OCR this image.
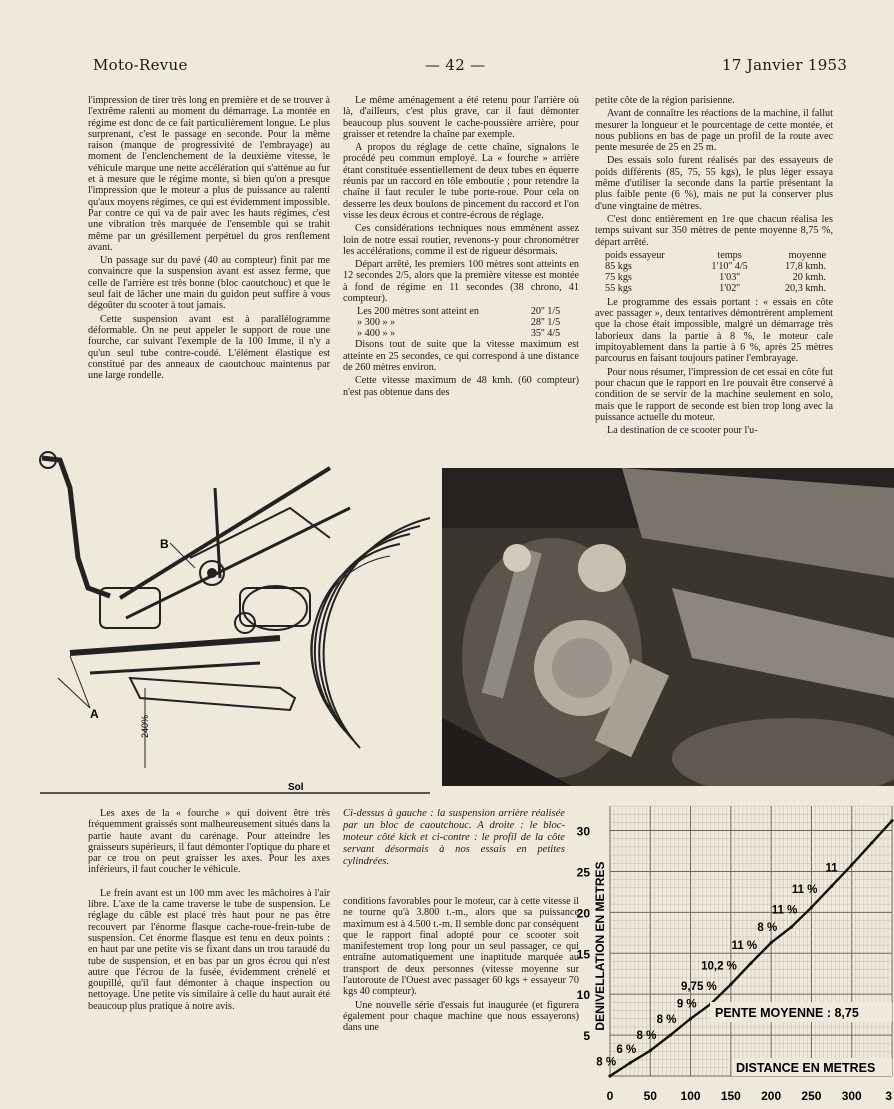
Moto-Revue	— 42 —	17 Janvier 1953

l'impression de tirer très long en première et de se trouver à l'extrême ralenti au moment du démarrage. La montée en régime est donc de ce fait particulièrement longue. Le plus surprenant, c'est le passage en seconde. Pour la même raison (manque de progressivité de l'embrayage) au moment de l'enclenchement de la deuxième vitesse, le véhicule marque une nette accélération qui s'atténue au fur et à mesure que le régime monte, si bien qu'on a presque l'impression que le moteur a plus de puissance au ralenti qu'aux moyens régimes, ce qui est évidemment impossible. Par contre ce qui va de pair avec les hauts régimes, c'est une vibration très marquée de l'ensemble qui se trahit même par un grésillement perpétuel du gros renflement avant.

Un passage sur du pavé (40 au compteur) finit par me convaincre que la suspension avant est assez ferme, que celle de l'arrière est très bonne (bloc caoutchouc) et que le seul fait de lâcher une main du guidon peut suffire à vous dégoûter du scooter à tout jamais.

Cette suspension avant est à parallélogramme déformable. On ne peut appeler le support de roue une fourche, car suivant l'exemple de la 100 Imme, il n'y a qu'un seul tube contre-coudé. L'élément élastique est constitué par des anneaux de caoutchouc maintenus par une large rondelle.

Le même aménagement a été retenu pour l'arrière où là, d'ailleurs, c'est plus grave, car il faut démonter beaucoup plus souvent le cache-poussière arrière, pour graisser et retendre la chaîne par exemple.

A propos du réglage de cette chaîne, signalons le procédé peu commun employé. La « fourche » arrière étant constituée essentiellement de deux tubes en équerre réunis par un raccord en tôle emboutie ; pour retendre la chaîne il faut reculer le tube porte-roue. Pour cela on desserre les deux boulons de pincement du raccord et l'on visse les deux écrous et contre-écrous de réglage.

Ces considérations techniques nous emmènent assez loin de notre essai routier, revenons-y pour chronométrer les accélérations, comme il est de rigueur désormais.

Départ arrêté, les premiers 100 mètres sont atteints en 12 secondes 2/5, alors que la première vitesse est montée à fond de régime en 11 secondes (38 chrono, 41 compteur).

Les 200 mètres sont atteint en	20'' 1/5
» 300 » »	28'' 1/5
» 400 » »	35'' 4/5

Disons tout de suite que la vitesse maximum est atteinte en 25 secondes, ce qui correspond à une distance de 260 mètres environ.

Cette vitesse maximum de 48 kmh. (60 compteur) n'est pas obtenue dans des

petite côte de la région parisienne.

Avant de connaître les réactions de la machine, il fallut mesurer la longueur et le pourcentage de cette montée, et nous publions en bas de page un profil de la route avec pente mesurée de 25 en 25 m.

Des essais solo furent réalisés par des essayeurs de poids différents (85, 75, 55 kgs), le plus léger essaya même d'utiliser la seconde dans la partie présentant la plus faible pente (6 %), mais ne put la conserver plus d'une vingtaine de mètres.

C'est donc entièrement en 1re que chacun réalisa les temps suivant sur 350 mètres de pente moyenne 8,75 %, départ arrêté.

poids essayeur	temps	moyenne
85 kgs	1'10'' 4/5	17,8 kmh.
75 kgs	1'03''	20 kmh.
55 kgs	1'02''	20,3 kmh.

Le programme des essais portant : « essais en côte avec passager », deux tentatives démontrèrent amplement que la chose était impossible, malgré un démarrage très laborieux dans la partie à 8 %, le moteur cale impitoyablement dans la partie à 6 %, après 25 mètres parcourus en faisant toujours patiner l'embrayage.

Pour nous résumer, l'impression de cet essai en côte fut pour chacun que le rapport en 1re pouvait être conservé à condition de se servir de la machine seulement en solo, mais que le rapport de seconde est bien trop long avec la puissance actuelle du moteur.

La destination de ce scooter pour l'u-

A
B
240%
Sol
Ci-dessus à gauche : la suspension arrière réalisée par un bloc de caoutchouc. A droite : le bloc-moteur côté kick et ci-contre : le profil de la côte servant désormais à nos essais en petites cylindrées.

Les axes de la « fourche » qui doivent être très fréquemment graissés sont malheureusement situés dans la partie haute avant du carénage. Pour atteindre les graisseurs supérieurs, il faut démonter l'optique du phare et par ce trou on peut graisser les axes. Pour les axes inférieurs, il faut coucher le véhicule.

Le frein avant est un 100 mm avec les mâchoires à l'air libre. L'axe de la came traverse le tube de suspension. Le réglage du câble est placé très haut pour ne pas être recouvert par l'énorme flasque cache-roue-frein-tube de suspension. Cet énorme flasque est tenu en deux points : en haut par une petite vis se fixant dans un trou taraudé du tube de suspension, et en bas par un gros écrou qui n'est autre que l'écrou de la fusée, évidemment crénelé et goupillé, qu'il faut démonter à chaque inspection ou nettoyage. Une petite vis similaire à celle du haut aurait été beaucoup plus pratique à notre avis.

conditions favorables pour le moteur, car à cette vitesse il ne tourne qu'à 3.800 t.-m., alors que sa puissance maximum est à 4.500 t.-m. Il semble donc par conséquent que le rapport final adopté pour ce scooter soit manifestement trop long pour un seul passager, ce qui entraîne automatiquement une inaptitude marquée au transport de deux personnes (vitesse moyenne sur l'autoroute de l'Ouest avec passager 60 kgs + essayeur 70 kgs 40 compteur).

Une nouvelle série d'essais fut inaugurée (et figurera également pour chaque machine que nous essayerons) dans une

0	50 100 150 200 250 300 3
5
10
15
20
25
30
DENIVELLATION EN METRES
8 %
6 %
8 %
8 %
9 %
9,75 %
10,2 %
11 %
8 %
11 %
11 %
11
PENTE MOYENNE : 8,75
DISTANCE EN METRES
